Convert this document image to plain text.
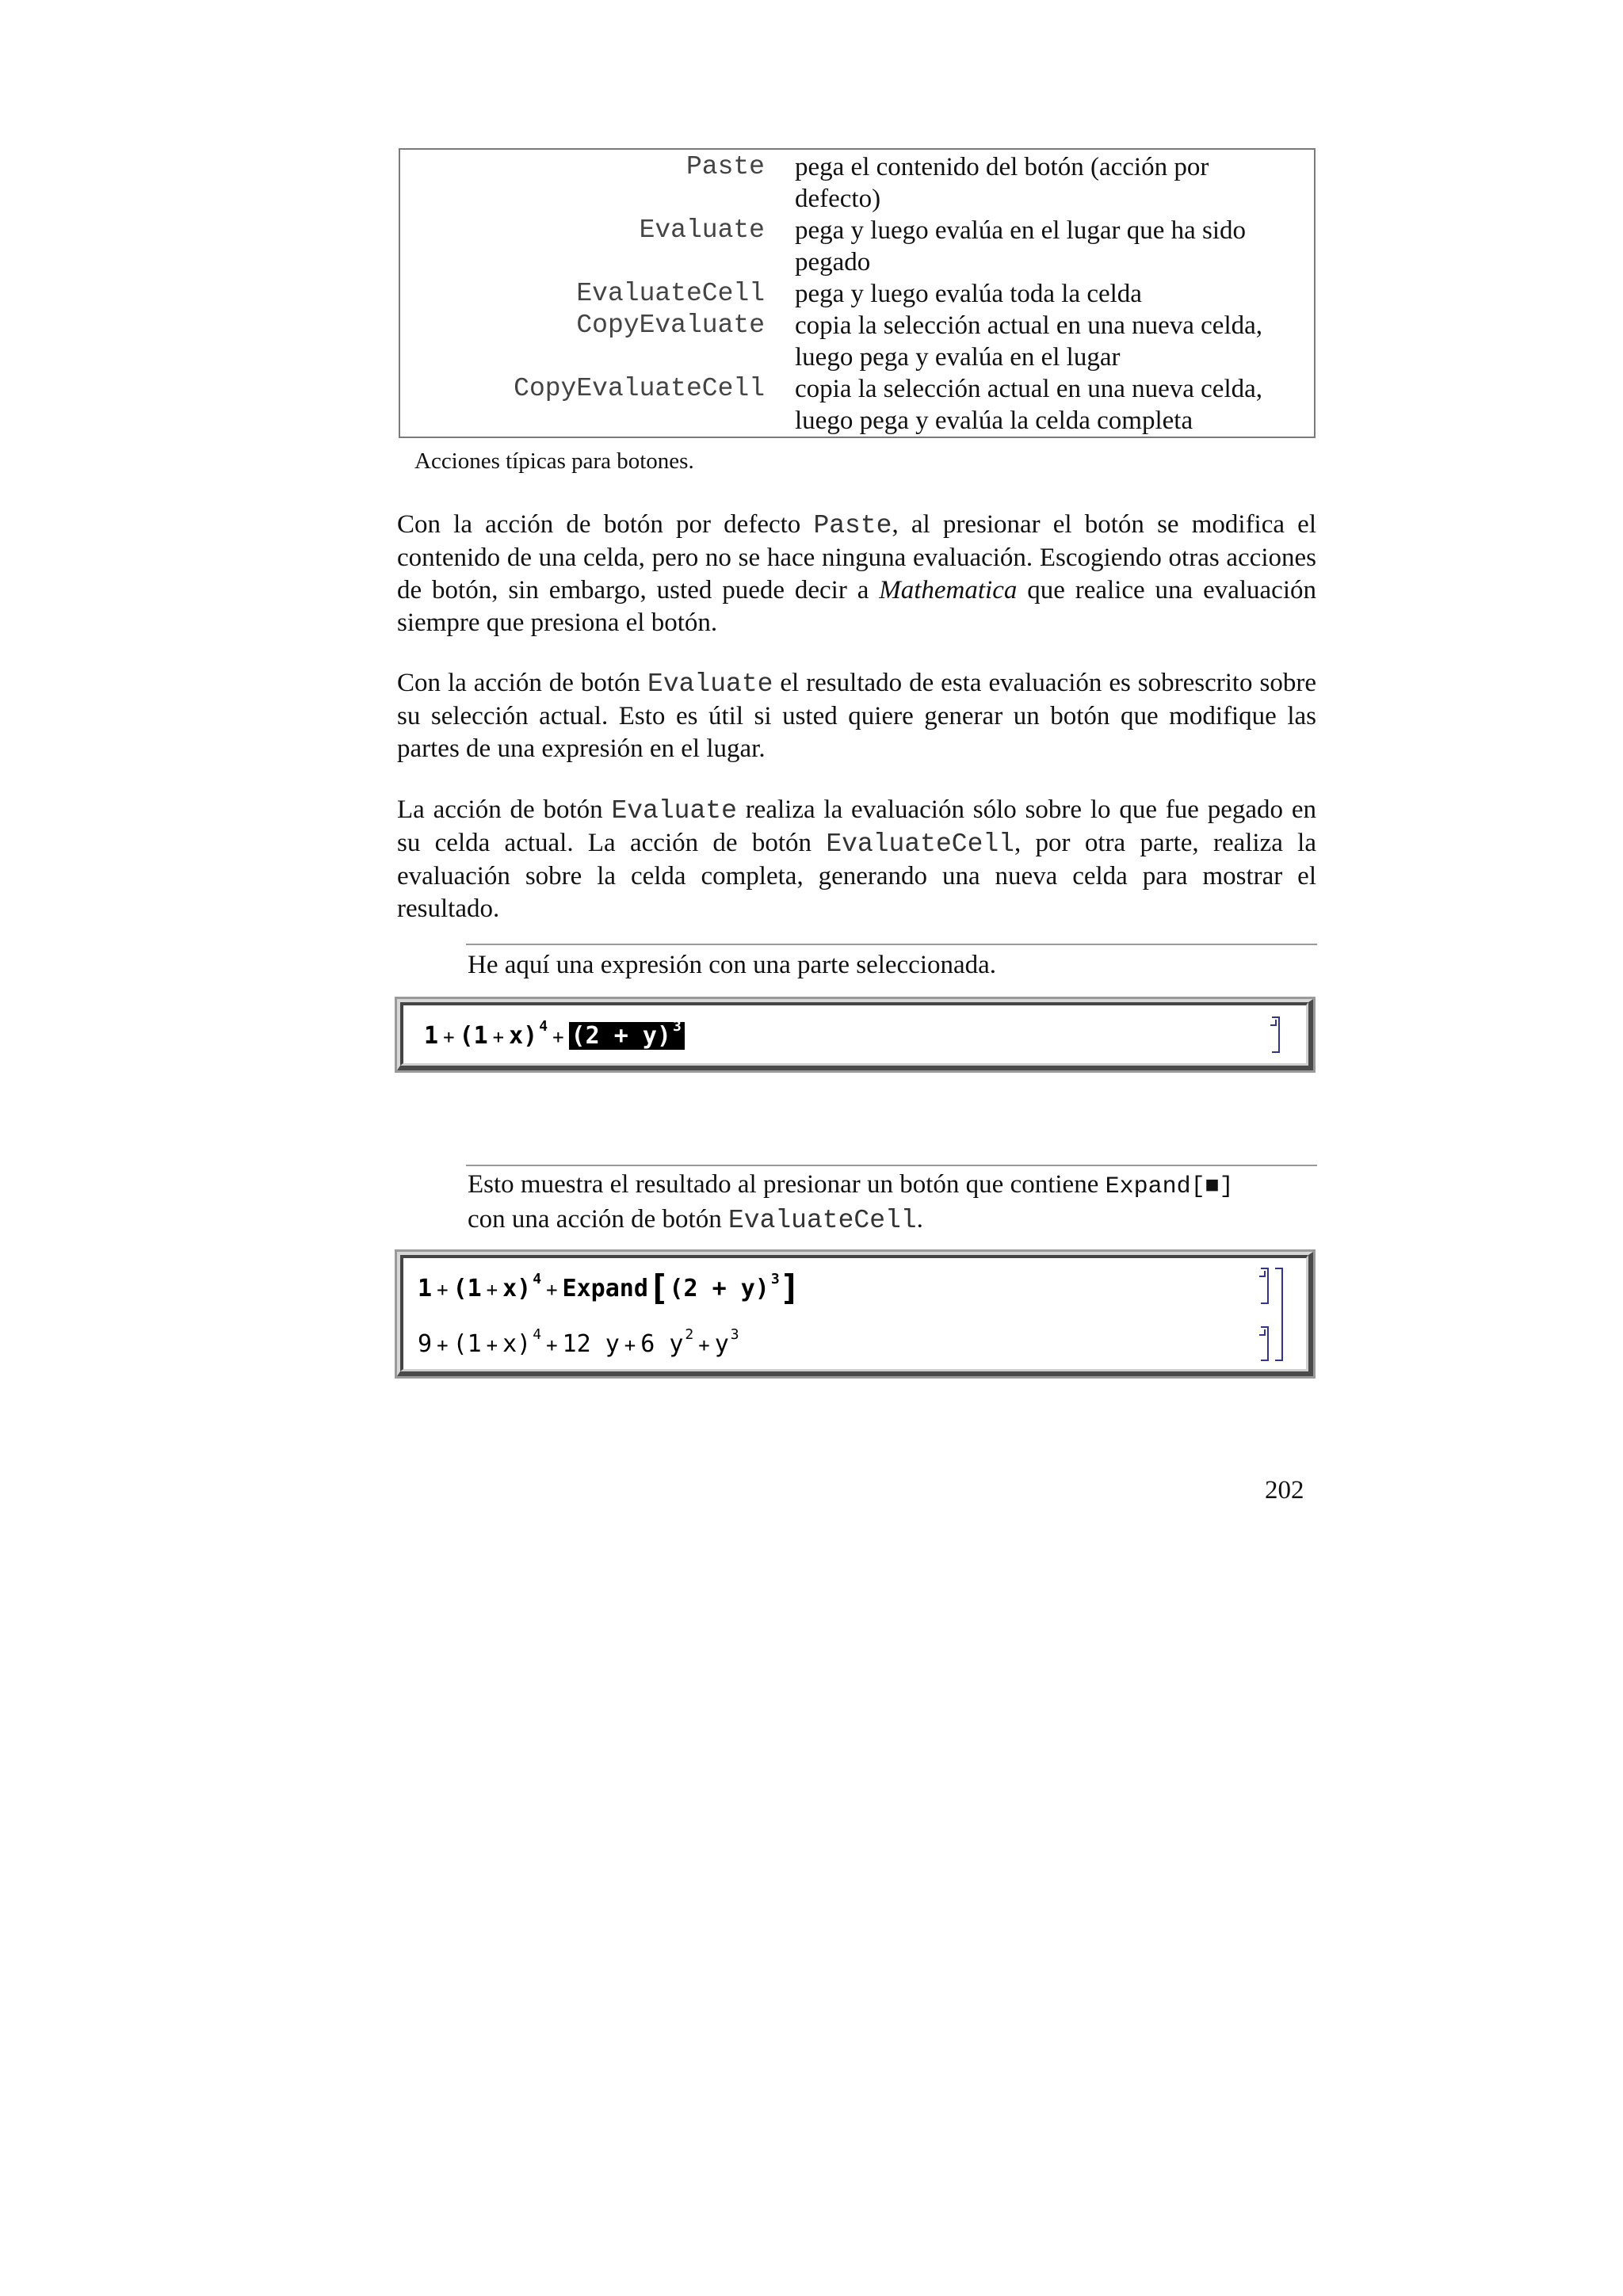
Paste	pega el contenido del botón (acción por
defecto)
Evaluate	pega y luego evalúa en el lugar que ha sido
pegado
EvaluateCell	pega y luego evalúa toda la celda
CopyEvaluate	copia la selección actual en una nueva celda,
luego pega y evalúa en el lugar
CopyEvaluateCell	copia la selección actual en una nueva celda,
luego pega y evalúa la celda completa
Acciones típicas para botones.

Con la acción de botón por defecto Paste, al presionar el botón se modifica el contenido de una celda, pero no se hace ninguna evaluación. Escogiendo otras acciones de botón, sin embargo, usted puede decir a Mathematica que realice una evaluación siempre que presiona el botón.

Con la acción de botón Evaluate el resultado de esta evaluación es sobrescrito sobre su selección actual. Esto es útil si usted quiere generar un botón que modifique las partes de una expresión en el lugar.

La acción de botón Evaluate realiza la evaluación sólo sobre lo que fue pegado en su celda actual. La acción de botón EvaluateCell, por otra parte, realiza la evaluación sobre la celda completa, generando una nueva celda para mostrar el resultado.

He aquí una expresión con una parte seleccionada.

1 + (1 + x) $^4$ + (2 + y) $^3$

Esto muestra el resultado al presionar un botón que contiene Expand[■]
con una acción de botón EvaluateCell.

1 + (1 + x) $^4$ + Expand[(2 + y) $^3$]
9 + (1 + x) $^4$ + 12 y + 6 y $^2$ + y $^3$
202
